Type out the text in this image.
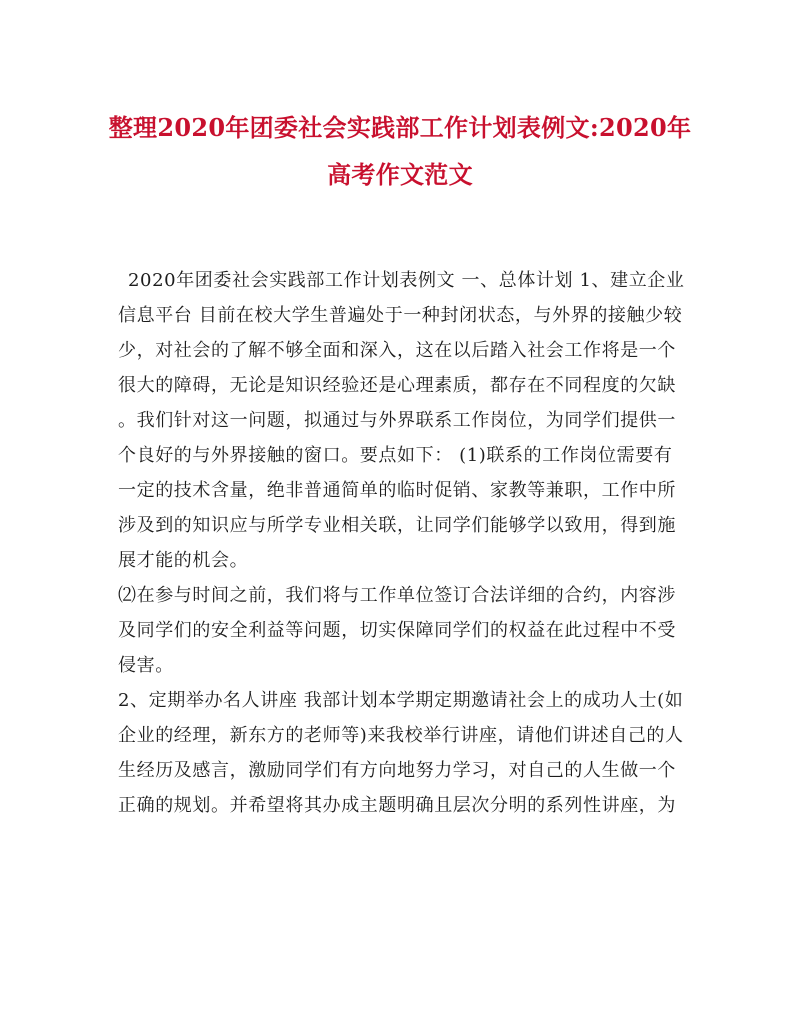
整理2020年团委社会实践部工作计划表例文:2020年
高考作文范文
2020年团委社会实践部工作计划表例文 一、总体计划 1、建立企业
信息平台 目前在校大学生普遍处于一种封闭状态，与外界的接触少较
少，对社会的了解不够全面和深入，这在以后踏入社会工作将是一个
很大的障碍，无论是知识经验还是心理素质，都存在不同程度的欠缺
。我们针对这一问题，拟通过与外界联系工作岗位，为同学们提供一
个良好的与外界接触的窗口。要点如下： (1)联系的工作岗位需要有
一定的技术含量，绝非普通简单的临时促销、家教等兼职，工作中所
涉及到的知识应与所学专业相关联，让同学们能够学以致用，得到施
展才能的机会。
⑵在参与时间之前，我们将与工作单位签订合法详细的合约，内容涉
及同学们的安全利益等问题，切实保障同学们的权益在此过程中不受
侵害。
2、定期举办名人讲座 我部计划本学期定期邀请社会上的成功人士(如
企业的经理，新东方的老师等)来我校举行讲座，请他们讲述自己的人
生经历及感言，激励同学们有方向地努力学习，对自己的人生做一个
正确的规划。并希望将其办成主题明确且层次分明的系列性讲座，为
